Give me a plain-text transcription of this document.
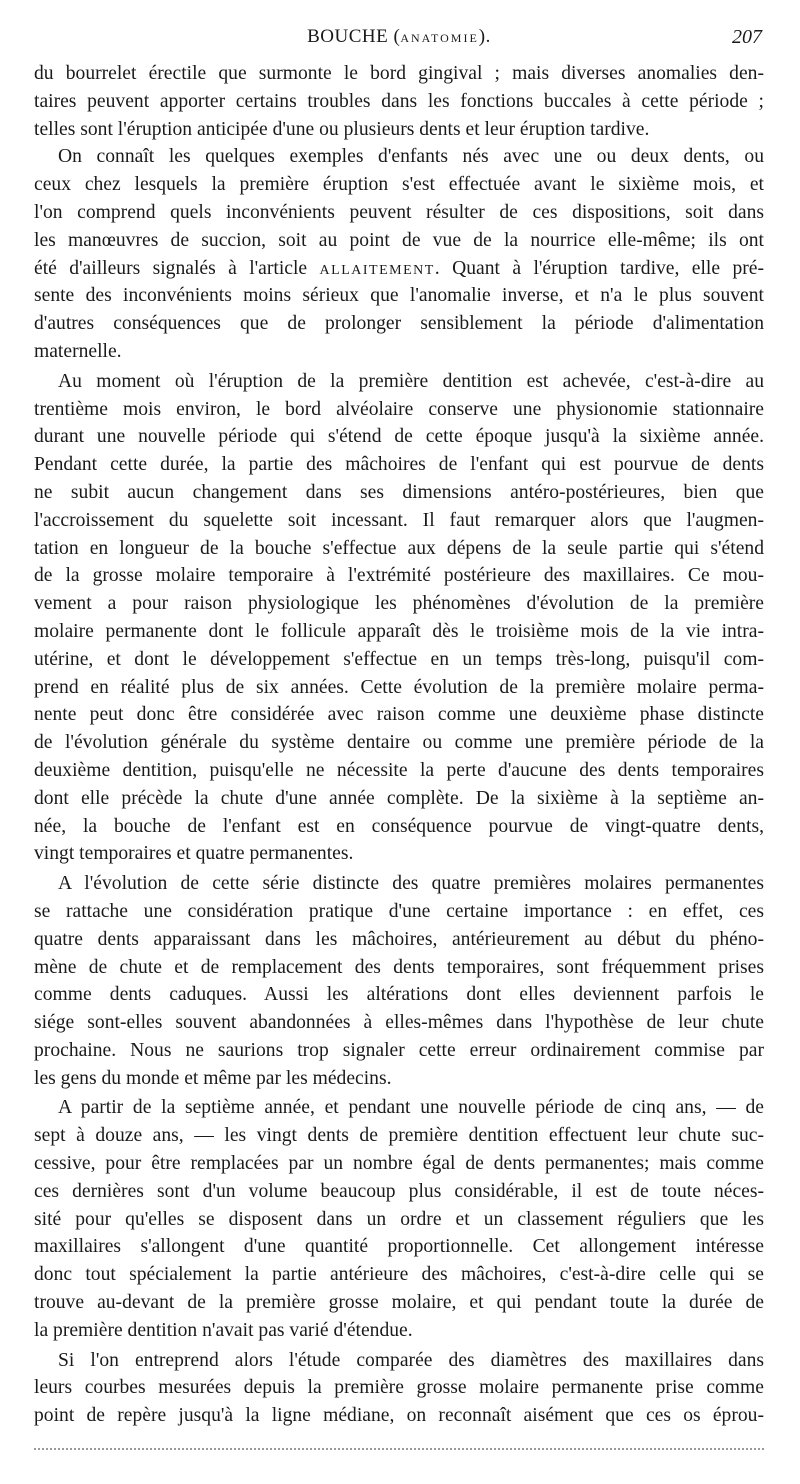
BOUCHE (ANATOMIE).	207
du bourrelet érectile que surmonte le bord gingival ; mais diverses anomalies den-
taires peuvent apporter certains troubles dans les fonctions buccales à cette période ;
telles sont l'éruption anticipée d'une ou plusieurs dents et leur éruption tardive.
On connaît les quelques exemples d'enfants nés avec une ou deux dents, ou
ceux chez lesquels la première éruption s'est effectuée avant le sixième mois, et
l'on comprend quels inconvénients peuvent résulter de ces dispositions, soit dans
les manœuvres de succion, soit au point de vue de la nourrice elle-même; ils ont
été d'ailleurs signalés à l'article ALLAITEMENT. Quant à l'éruption tardive, elle pré-
sente des inconvénients moins sérieux que l'anomalie inverse, et n'a le plus souvent
d'autres conséquences que de prolonger sensiblement la période d'alimentation
maternelle.
Au moment où l'éruption de la première dentition est achevée, c'est-à-dire au
trentième mois environ, le bord alvéolaire conserve une physionomie stationnaire
durant une nouvelle période qui s'étend de cette époque jusqu'à la sixième année.
Pendant cette durée, la partie des mâchoires de l'enfant qui est pourvue de dents
ne subit aucun changement dans ses dimensions antéro-postérieures, bien que
l'accroissement du squelette soit incessant. Il faut remarquer alors que l'augmen-
tation en longueur de la bouche s'effectue aux dépens de la seule partie qui s'étend
de la grosse molaire temporaire à l'extrémité postérieure des maxillaires. Ce mou-
vement a pour raison physiologique les phénomènes d'évolution de la première
molaire permanente dont le follicule apparaît dès le troisième mois de la vie intra-
utérine, et dont le développement s'effectue en un temps très-long, puisqu'il com-
prend en réalité plus de six années. Cette évolution de la première molaire perma-
nente peut donc être considérée avec raison comme une deuxième phase distincte
de l'évolution générale du système dentaire ou comme une première période de la
deuxième dentition, puisqu'elle ne nécessite la perte d'aucune des dents temporaires
dont elle précède la chute d'une année complète. De la sixième à la septième an-
née, la bouche de l'enfant est en conséquence pourvue de vingt-quatre dents,
vingt temporaires et quatre permanentes.
A l'évolution de cette série distincte des quatre premières molaires permanentes
se rattache une considération pratique d'une certaine importance : en effet, ces
quatre dents apparaissant dans les mâchoires, antérieurement au début du phéno-
mène de chute et de remplacement des dents temporaires, sont fréquemment prises
comme dents caduques. Aussi les altérations dont elles deviennent parfois le
siége sont-elles souvent abandonnées à elles-mêmes dans l'hypothèse de leur chute
prochaine. Nous ne saurions trop signaler cette erreur ordinairement commise par
les gens du monde et même par les médecins.
A partir de la septième année, et pendant une nouvelle période de cinq ans, — de
sept à douze ans, — les vingt dents de première dentition effectuent leur chute suc-
cessive, pour être remplacées par un nombre égal de dents permanentes; mais comme
ces dernières sont d'un volume beaucoup plus considérable, il est de toute néces-
sité pour qu'elles se disposent dans un ordre et un classement réguliers que les
maxillaires s'allongent d'une quantité proportionnelle. Cet allongement intéresse
donc tout spécialement la partie antérieure des mâchoires, c'est-à-dire celle qui se
trouve au-devant de la première grosse molaire, et qui pendant toute la durée de
la première dentition n'avait pas varié d'étendue.
Si l'on entreprend alors l'étude comparée des diamètres des maxillaires dans
leurs courbes mesurées depuis la première grosse molaire permanente prise comme
point de repère jusqu'à la ligne médiane, on reconnaît aisément que ces os éprou-
